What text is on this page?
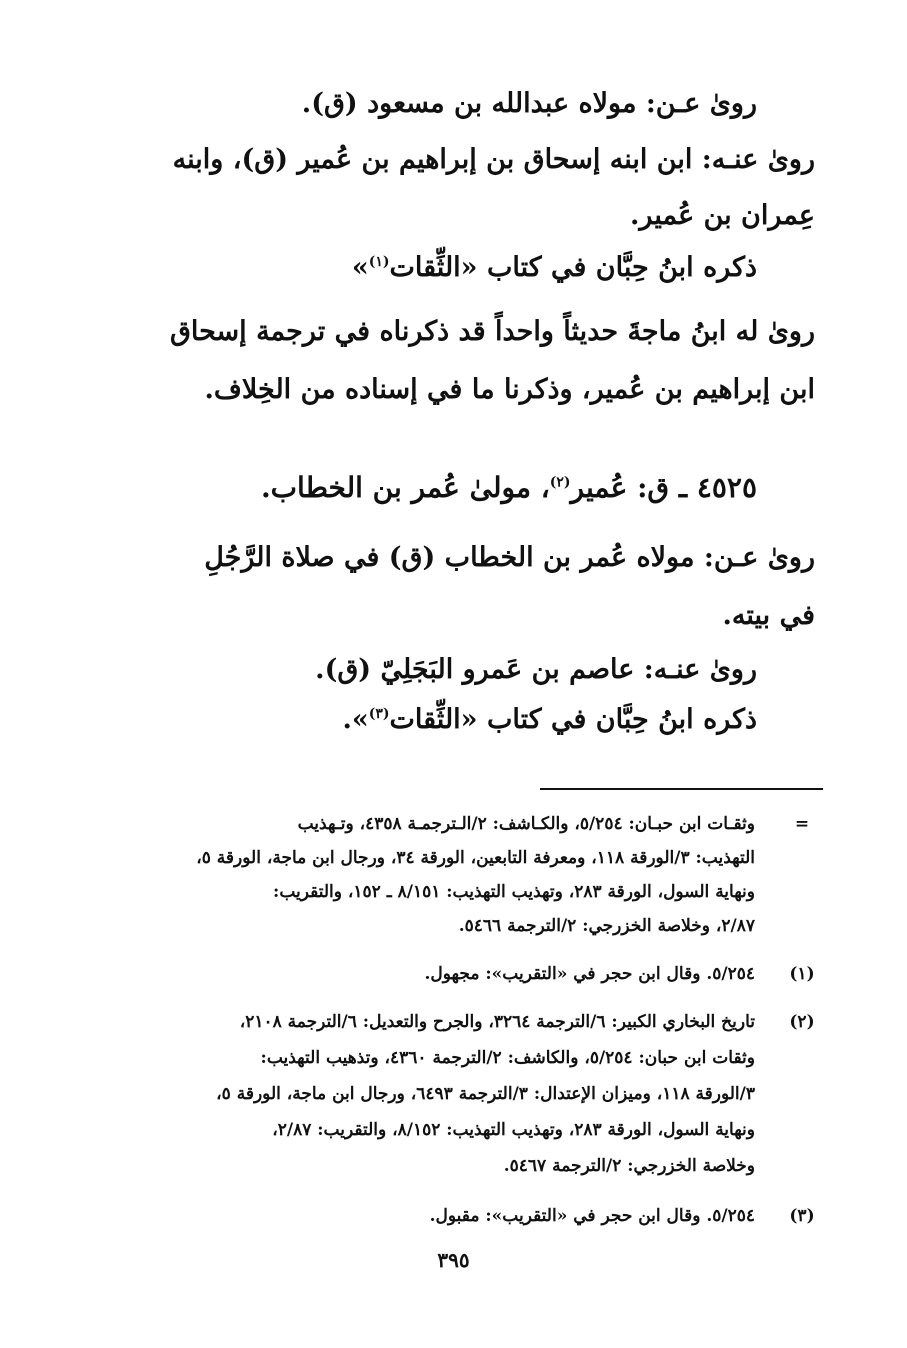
رویٰ عـن: مولاه عبدالله بن مسعود (ق).
رویٰ عنـه: ابن ابنه إسحاق بن إبراهيم بن عُمير (ق)، وابنه
عِمران بن عُمير.
ذكره ابنُ حِبَّان في كتاب «الثِّقات$^{(١)}$»
رویٰ له ابنُ ماجةَ حديثاً واحداً قد ذكرناه في ترجمة إسحاق
ابن إبراهيم بن عُمير، وذكرنا ما في إسناده من الخِلاف.
٤٥٢٥ ـ ق: عُمير$^{(٢)}$، مولىٰ عُمر بن الخطاب.
رویٰ عـن: مولاه عُمر بن الخطاب (ق) في صلاة الرَّجُلِ
في بيته.
رویٰ عنـه: عاصم بن عَمرو البَجَلِيّ (ق).
ذكره ابنُ حِبَّان في كتاب «الثِّقات$^{(٣)}$».
=
وثقـات ابن حبـان: ٥/٢٥٤، والكـاشف: ٢/الـترجمـة ٤٣٥٨، وتـهذيب
التهذيب: ٣/الورقة ١١٨، ومعرفة التابعين، الورقة ٣٤، ورجال ابن ماجة، الورقة ٥،
ونهاية السول، الورقة ٢٨٣، وتهذيب التهذيب: ٨/١٥١ ـ ١٥٢، والتقريب:
٢/٨٧، وخلاصة الخزرجي: ٢/الترجمة ٥٤٦٦.
(١)
٥/٢٥٤. وقال ابن حجر في «التقريب»: مجهول.
(٢)
تاريخ البخاري الكبير: ٦/الترجمة ٣٢٦٤، والجرح والتعديل: ٦/الترجمة ٢١٠٨،
وثقات ابن حبان: ٥/٢٥٤، والكاشف: ٢/الترجمة ٤٣٦٠، وتذهيب التهذيب:
٣/الورقة ١١٨، وميزان الإعتدال: ٣/الترجمة ٦٤٩٣، ورجال ابن ماجة، الورقة ٥،
ونهاية السول، الورقة ٢٨٣، وتهذيب التهذيب: ٨/١٥٢، والتقريب: ٢/٨٧،
وخلاصة الخزرجي: ٢/الترجمة ٥٤٦٧.
(٣)
٥/٢٥٤. وقال ابن حجر في «التقريب»: مقبول.
٣٩٥
